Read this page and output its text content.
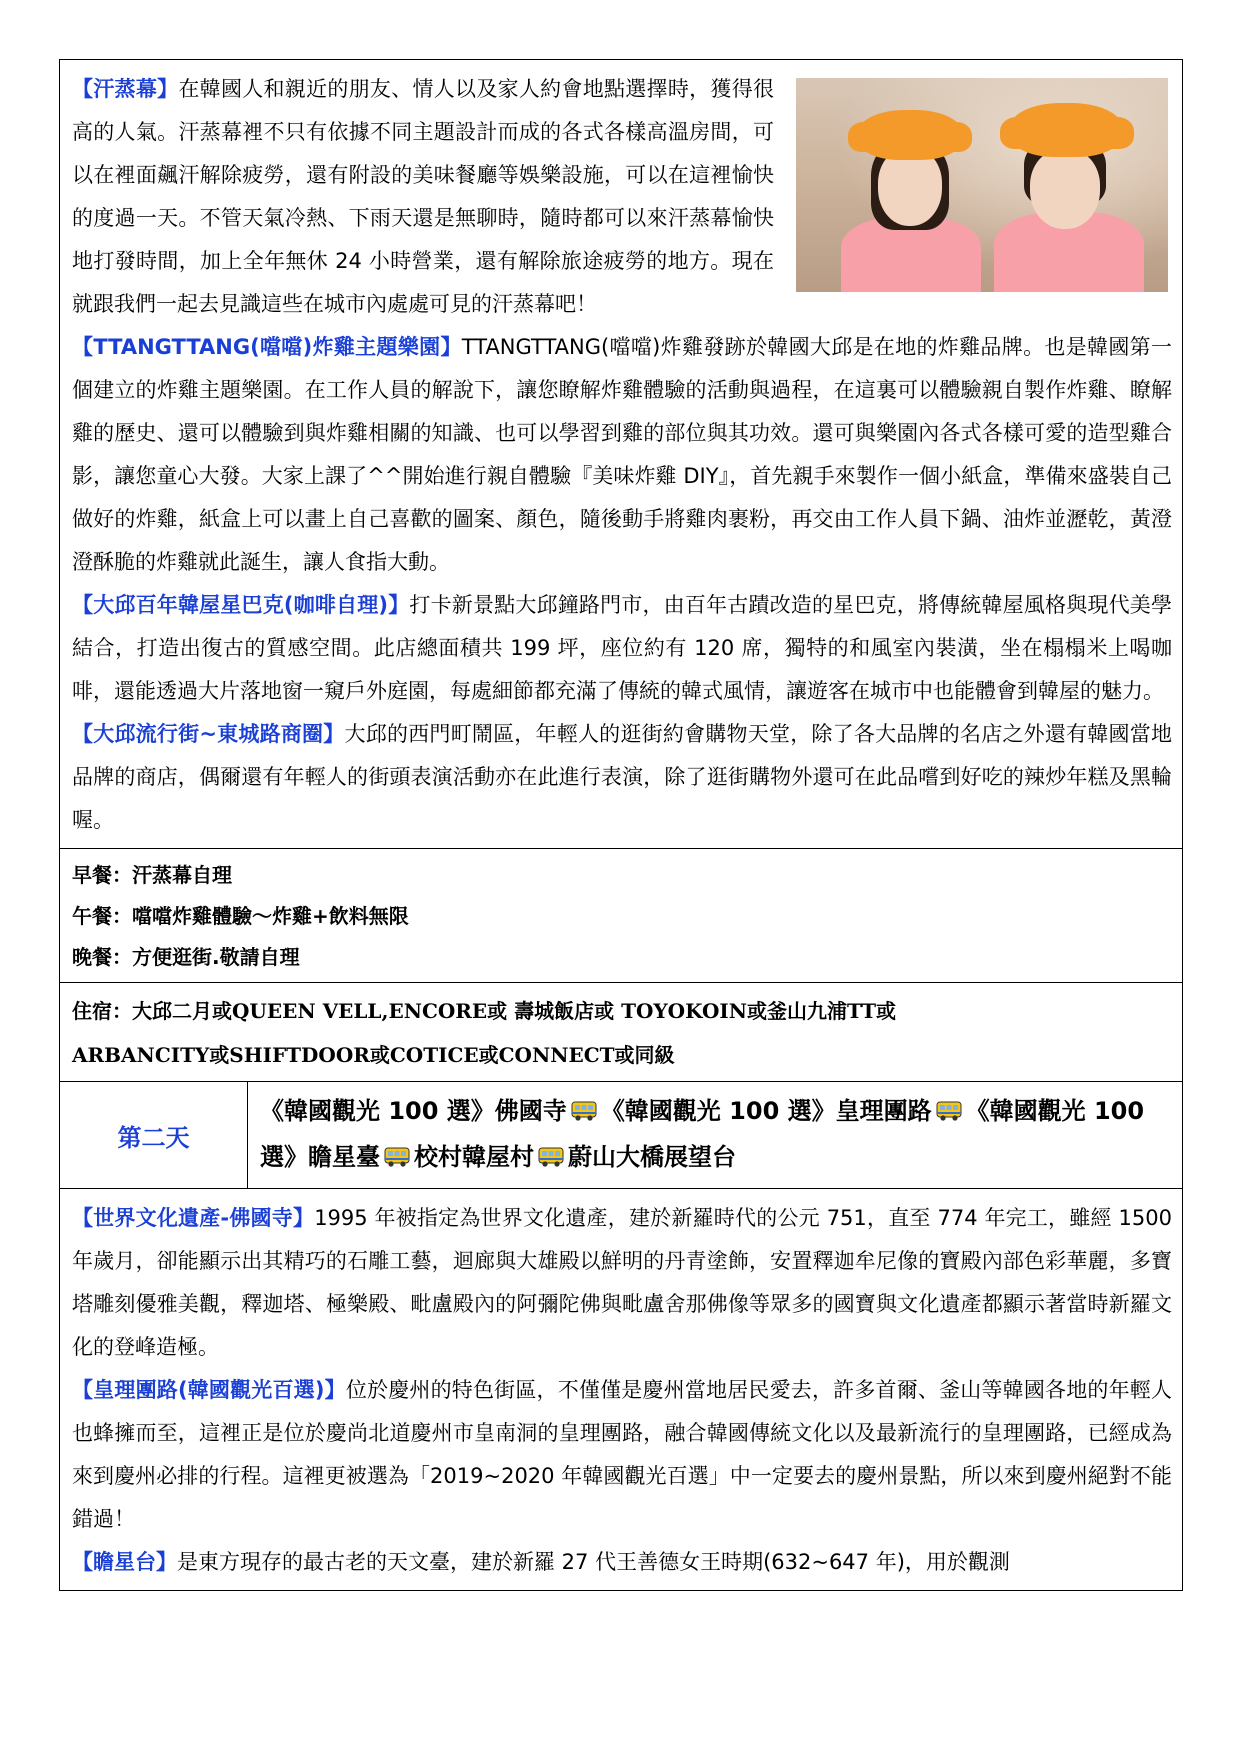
【汗蒸幕】在韓國人和親近的朋友、情人以及家人約會地點選擇時，獲得很高的人氣。汗蒸幕裡不只有依據不同主題設計而成的各式各樣高溫房間，可以在裡面飆汗解除疲勞，還有附設的美味餐廳等娛樂設施，可以在這裡愉快的度過一天。不管天氣冷熱、下雨天還是無聊時，隨時都可以來汗蒸幕愉快地打發時間，加上全年無休 24 小時營業，還有解除旅途疲勞的地方。現在就跟我們一起去見識這些在城市內處處可見的汗蒸幕吧！

【TTANGTTANG(噹噹)炸雞主題樂園】TTANGTTANG(噹噹)炸雞發跡於韓國大邱是在地的炸雞品牌。也是韓國第一個建立的炸雞主題樂園。在工作人員的解說下，讓您瞭解炸雞體驗的活動與過程，在這裏可以體驗親自製作炸雞、瞭解雞的歷史、還可以體驗到與炸雞相關的知識、也可以學習到雞的部位與其功效。還可與樂園內各式各樣可愛的造型雞合影，讓您童心大發。大家上課了^^開始進行親自體驗『美味炸雞 DIY』，首先親手來製作一個小紙盒，準備來盛裝自己做好的炸雞，紙盒上可以畫上自己喜歡的圖案、顏色，隨後動手將雞肉裹粉，再交由工作人員下鍋、油炸並瀝乾，黃澄澄酥脆的炸雞就此誕生，讓人食指大動。

【大邱百年韓屋星巴克(咖啡自理)】打卡新景點大邱鐘路門市，由百年古蹟改造的星巴克，將傳統韓屋風格與現代美學結合，打造出復古的質感空間。此店總面積共 199 坪，座位約有 120 席，獨特的和風室內裝潢，坐在榻榻米上喝咖啡，還能透過大片落地窗一窺戶外庭園，每處細節都充滿了傳統的韓式風情，讓遊客在城市中也能體會到韓屋的魅力。

【大邱流行街~東城路商圈】大邱的西門町鬧區，年輕人的逛街約會購物天堂，除了各大品牌的名店之外還有韓國當地品牌的商店，偶爾還有年輕人的街頭表演活動亦在此進行表演，除了逛街購物外還可在此品嚐到好吃的辣炒年糕及黑輪喔。

早餐：汗蒸幕自理
午餐：噹噹炸雞體驗～炸雞+飲料無限
晚餐：方便逛街.敬請自理
住宿：大邱二月或QUEEN VELL,ENCORE或 壽城飯店或 TOYOKOIN或釜山九浦TT或
ARBANCITY或SHIFTDOOR或COTICE或CONNECT或同級
第二天
《韓國觀光 100 選》佛國寺 《韓國觀光 100 選》皇理團路 《韓國觀光 100 選》瞻星臺 校村韓屋村 蔚山大橋展望台

【世界文化遺產-佛國寺】1995 年被指定為世界文化遺產，建於新羅時代的公元 751，直至 774 年完工，雖經 1500 年歲月，卻能顯示出其精巧的石雕工藝，迴廊與大雄殿以鮮明的丹青塗飾，安置釋迦牟尼像的寶殿內部色彩華麗，多寶塔雕刻優雅美觀，釋迦塔、極樂殿、毗盧殿內的阿彌陀佛與毗盧舍那佛像等眾多的國寶與文化遺產都顯示著當時新羅文化的登峰造極。

【皇理團路(韓國觀光百選)】位於慶州的特色街區，不僅僅是慶州當地居民愛去，許多首爾、釜山等韓國各地的年輕人也蜂擁而至，這裡正是位於慶尚北道慶州市皇南洞的皇理團路，融合韓國傳統文化以及最新流行的皇理團路，已經成為來到慶州必排的行程。這裡更被選為「2019~2020 年韓國觀光百選」中一定要去的慶州景點，所以來到慶州絕對不能錯過！

【瞻星台】是東方現存的最古老的天文臺，建於新羅 27 代王善德女王時期(632~647 年)，用於觀測
